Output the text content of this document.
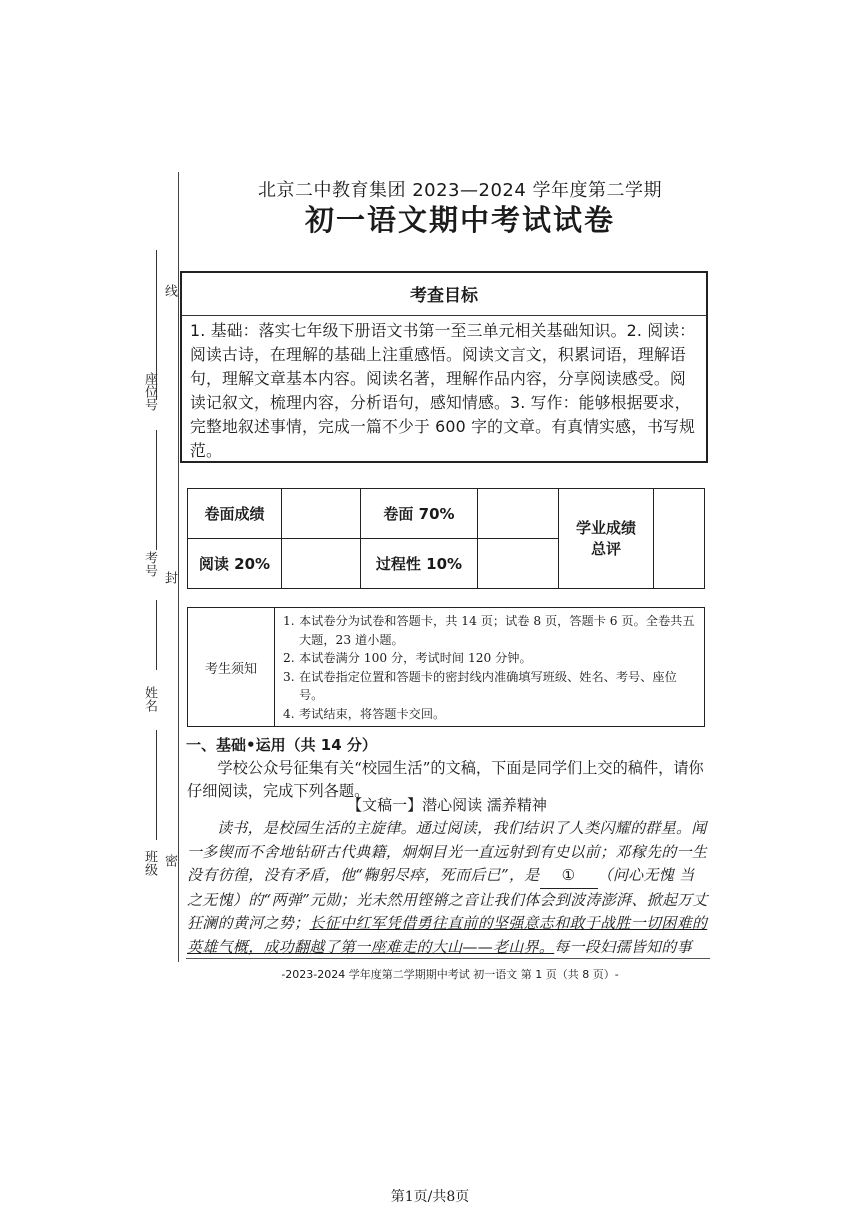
线
座位号
考号
封
姓名
班级 密
北京二中教育集团 2023—2024 学年度第二学期
初一语文期中考试试卷
考查目标
1. 基础：落实七年级下册语文书第一至三单元相关基础知识。2. 阅读：阅读古诗，在理解的基础上注重感悟。阅读文言文，积累词语，理解语句，理解文章基本内容。阅读名著，理解作品内容，分享阅读感受。阅读记叙文，梳理内容，分析语句，感知情感。3. 写作：能够根据要求，完整地叙述事情，完成一篇不少于 600 字的文章。有真情实感，书写规范。
卷面成绩		卷面 70%		学业成绩总评	
阅读 20%		过程性 10%			
考生须知
1. 本试卷分为试卷和答题卡，共 14 页；试卷 8 页，答题卡 6 页。全卷共五大题，23 道小题。
2. 本试卷满分 100 分，考试时间 120 分钟。
3. 在试卷指定位置和答题卡的密封线内准确填写班级、姓名、考号、座位号。
4. 考试结束，将答题卡交回。
一、基础•运用（共 14 分）
学校公众号征集有关“校园生活”的文稿，下面是同学们上交的稿件，请你仔细阅读，完成下列各题。
【文稿一】潜心阅读 濡养精神
读书，是校园生活的主旋律。通过阅读，我们结识了人类闪耀的群星。闻一多锲而不舍地钻研古代典籍，炯炯目光一直远射到有史以前；邓稼先的一生没有彷徨，没有矛盾，他“鞠躬尽瘁，死而后已”，是 ① （问心无愧 当之无愧）的“两弹”元勋；光未然用铿锵之音让我们体会到波涛澎湃、掀起万丈狂澜的黄河之势；长征中红军凭借勇往直前的坚强意志和敢于战胜一切困难的英雄气概，成功翻越了第一座难走的大山——老山界。每一段妇孺皆知的事
-2023-2024 学年度第二学期期中考试 初一语文 第 1 页（共 8 页）-
第1页/共8页
